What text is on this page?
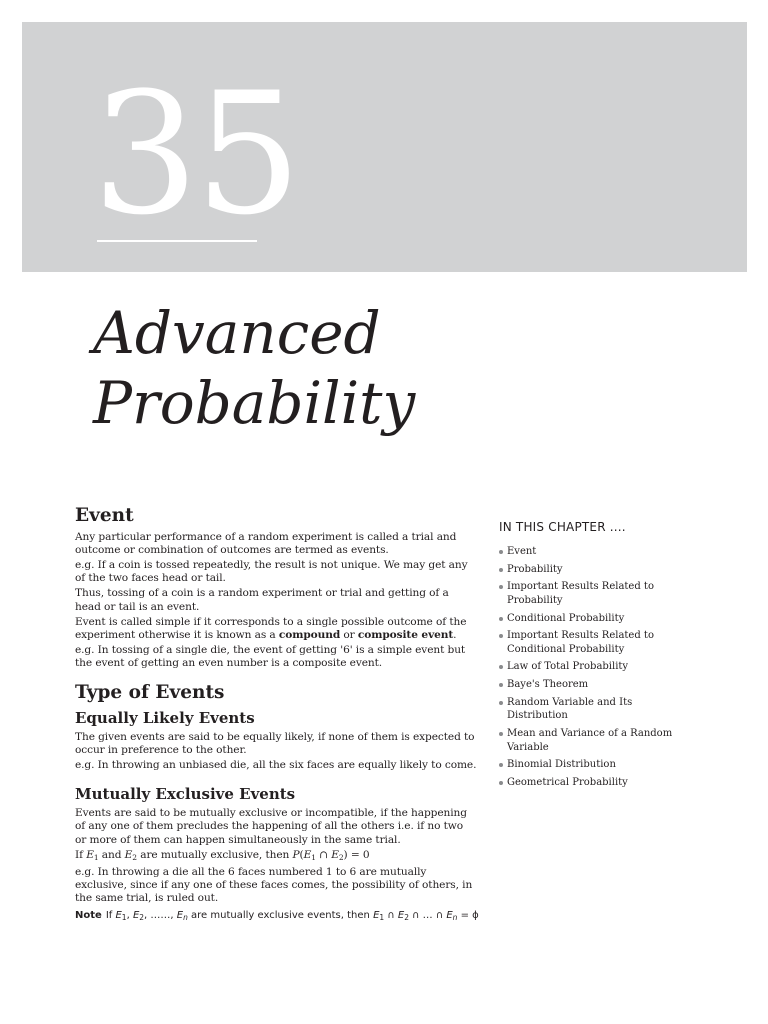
35
Advanced
Probability
Event

Any particular performance of a random experiment is called a trial and outcome or combination of outcomes are termed as events.

e.g. If a coin is tossed repeatedly, the result is not unique. We may get any of the two faces head or tail.

Thus, tossing of a coin is a random experiment or trial and getting of a head or tail is an event.

Event is called simple if it corresponds to a single possible outcome of the experiment otherwise it is known as a compound or composite event.

e.g. In tossing of a single die, the event of getting '6' is a simple event but the event of getting an even number is a composite event.

Type of Events
Equally Likely Events

The given events are said to be equally likely, if none of them is expected to occur in preference to the other.

e.g. In throwing an unbiased die, all the six faces are equally likely to come.

Mutually Exclusive Events

Events are said to be mutually exclusive or incompatible, if the happening of any one of them precludes the happening of all the others i.e. if no two or more of them can happen simultaneously in the same trial.

If $E_1$ and $E_2$ are mutually exclusive, then $P(E_1$ ∩ $E_2) = 0$

e.g. In throwing a die all the 6 faces numbered 1 to 6 are mutually exclusive, since if any one of these faces comes, the possibility of others, in the same trial, is ruled out.

Note If $E_1$, $E_2$, ……, $E_n$ are mutually exclusive events, then $E_1$ ∩ $E_2$ ∩ … ∩ $E_n = \phi$
IN THIS CHAPTER ....
Event
Probability
Important Results Related to Probability
Conditional Probability
Important Results Related to Conditional Probability
Law of Total Probability
Baye's Theorem
Random Variable and Its Distribution
Mean and Variance of a Random Variable
Binomial Distribution
Geometrical Probability
